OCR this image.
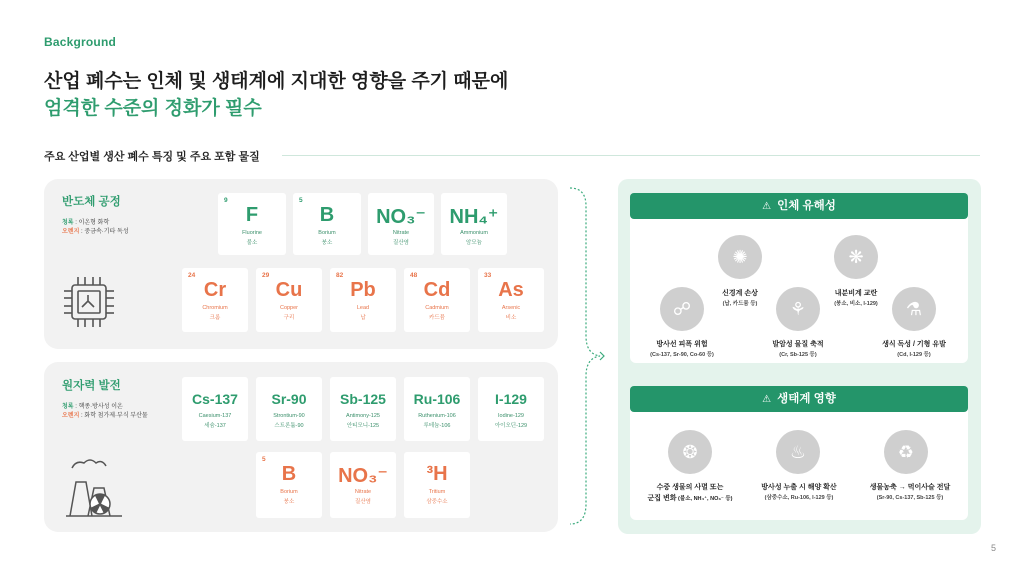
Background
산업 폐수는 인체 및 생태계에 지대한 영향을 주기 때문에
엄격한 수준의 정화가 필수
주요 산업별 생산 폐수 특징 및 주요 포함 물질
반도체 공정
청록 : 이온형 화학
오렌지 : 중금속·기타 독성
9
F
Fluorine
불소
5
B
Borium
붕소
NO₃⁻
Nitrate
질산염
NH₄⁺
Ammonium
암모늄
24
Cr
Chromium
크롬
29
Cu
Copper
구리
82
Pb
Lead
납
48
Cd
Cadmium
카드뮴
33
As
Arsenic
비소
원자력 발전
청록 : 핵종·방사성 이온
오렌지 : 화학 첨가제·부식 부산물
Cs-137
Caesium-137
세슘-137
Sr-90
Strontium-90
스트론튬-90
Sb-125
Antimony-125
안티모니-125
Ru-106
Ruthenium-106
루테늄-106
I-129
Iodine-129
아이오딘-129
5
B
Borium
붕소
NO₃⁻
Nitrate
질산염
³H
Tritium
삼중수소
⚠ 인체 유해성
✺
신경계 손상
(납, 카드뮴 등)
❋
내분비계 교란
(붕소, 비소, I-129)
☍
방사선 피폭 위험
(Cs-137, Sr-90, Co-60 등)
⚘
발암성 물질 축적
(Cr, Sb-125 등)
⚗
생식 독성 / 기형 유발
(Cd, I-129 등)
⚠ 생태계 영향
❂
수중 생물의 사멸 또는
군집 변화 (불소, NH₄⁺, NO₃⁻ 등)
♨
방사성 누출 시 해양 확산
(삼중수소, Ru-106, I-129 등)
♻
생물농축 → 먹이사슬 전달
(Sr-90, Cs-137, Sb-125 등)
5
